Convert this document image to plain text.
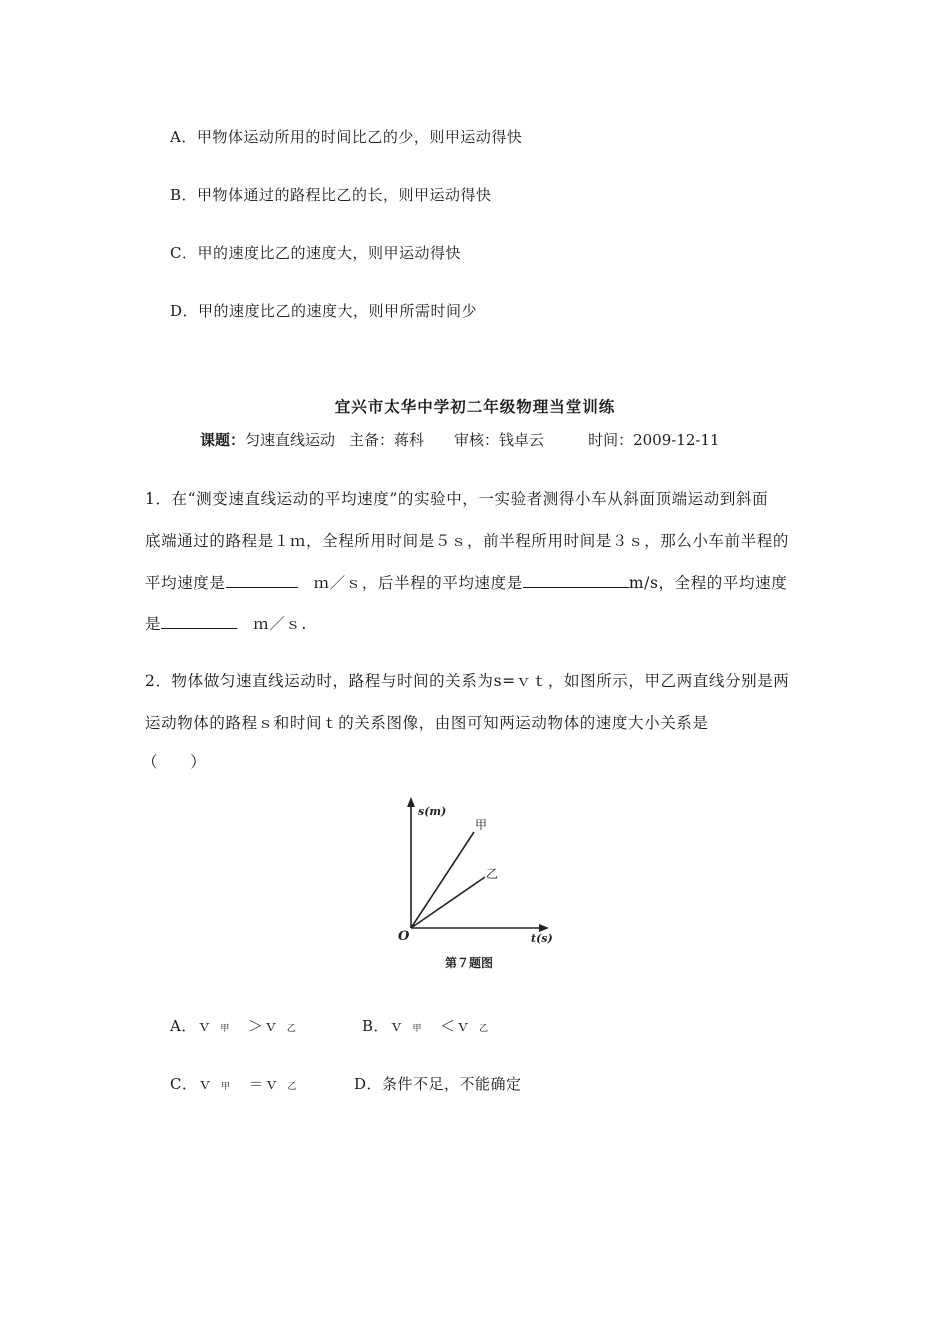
A．甲物体运动所用的时间比乙的少，则甲运动得快
B．甲物体通过的路程比乙的长，则甲运动得快
C．甲的速度比乙的速度大，则甲运动得快
D．甲的速度比乙的速度大，则甲所需时间少
宜兴市太华中学初二年级物理当堂训练
课题：匀速直线运动 主备：蒋科 审核：钱卓云	时间：2009-12-11
1．在“测变速直线运动的平均速度”的实验中，一实验者测得小车从斜面顶端运动到斜面
底端通过的路程是１ｍ，全程所用时间是５ｓ，前半程所用时间是３ｓ，那么小车前半程的
平均速度是	ｍ／ｓ，后半程的平均速度是	m/s，全程的平均速度
是	ｍ／ｓ.
2．物体做匀速直线运动时，路程与时间的关系为s=ｖｔ，如图所示，甲乙两直线分别是两
运动物体的路程ｓ和时间ｔ的关系图像，由图可知两运动物体的速度大小关系是
（　　）
s(m)
t(s)
O
甲
乙
第７题图
A．ｖ 甲 ＞ｖ 乙	B．ｖ 甲 ＜ｖ 乙
C．ｖ 甲 ＝ｖ 乙	D．条件不足，不能确定
